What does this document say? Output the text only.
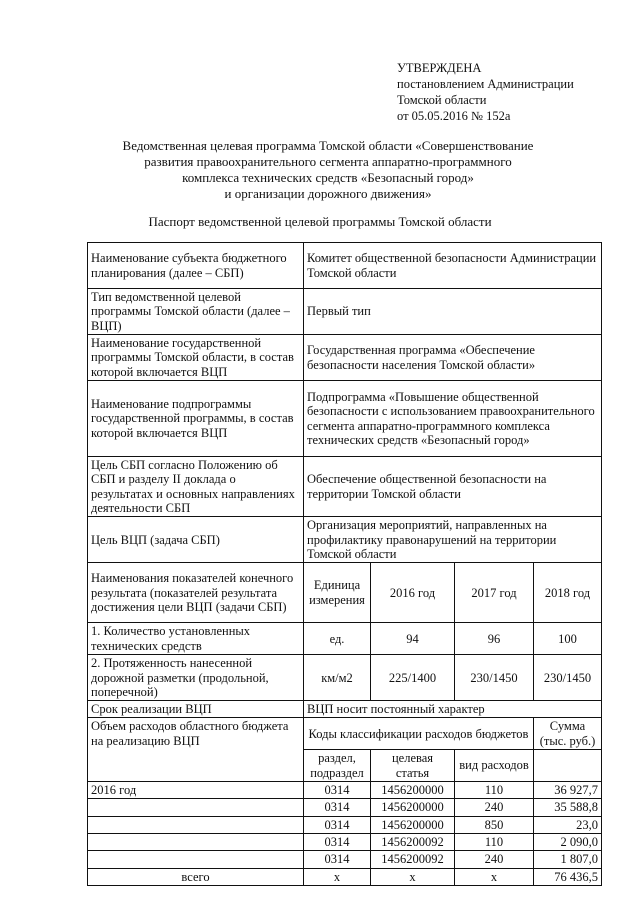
УТВЕРЖДЕНА
постановлением Администрации
Томской области
от 05.05.2016 № 152а
Ведомственная целевая программа Томской области «Совершенствование
развития правоохранительного сегмента аппаратно-программного
комплекса технических средств «Безопасный город»
и организации дорожного движения»
Паспорт ведомственной целевой программы Томской области
Наименование субъекта бюджетного планирования (далее – СБП)	Комитет общественной безопасности Администрации Томской области			
Тип ведомственной целевой программы Томской области (далее – ВЦП)	Первый тип			
Наименование государственной программы Томской области, в состав которой включается ВЦП	Государственная программа «Обеспечение безопасности населения Томской области»			
Наименование подпрограммы государственной программы, в состав которой включается ВЦП	Подпрограмма «Повышение общественной безопасности с использованием правоохранительного сегмента аппаратно-программного комплекса технических средств «Безопасный город»			
Цель СБП согласно Положению об СБП и разделу II доклада о результатах и основных направлениях деятельности СБП	Обеспечение общественной безопасности на территории Томской области			
Цель ВЦП (задача СБП)	Организация мероприятий, направленных на профилактику правонарушений на территории Томской области			
Наименования показателей конечного результата (показателей результата достижения цели ВЦП (задачи СБП)	Единица измерения	2016 год	2017 год	2018 год
1. Количество установленных технических средств	ед.	94	96	100
2. Протяженность нанесенной дорожной разметки (продольной, поперечной)	км/м2	225/1400	230/1450	230/1450
Срок реализации ВЦП	ВЦП носит постоянный характер			
Объем расходов областного бюджета на реализацию ВЦП	Коды классификации расходов бюджетов			Сумма (тыс. руб.)
	раздел, подраздел	целевая статья	вид расходов	
2016 год	0314	1456200000	110	36 927,7
	0314	1456200000	240	35 588,8
	0314	1456200000	850	23,0
	0314	1456200092	110	2 090,0
	0314	1456200092	240	1 807,0
всего	х	х	х	76 436,5
